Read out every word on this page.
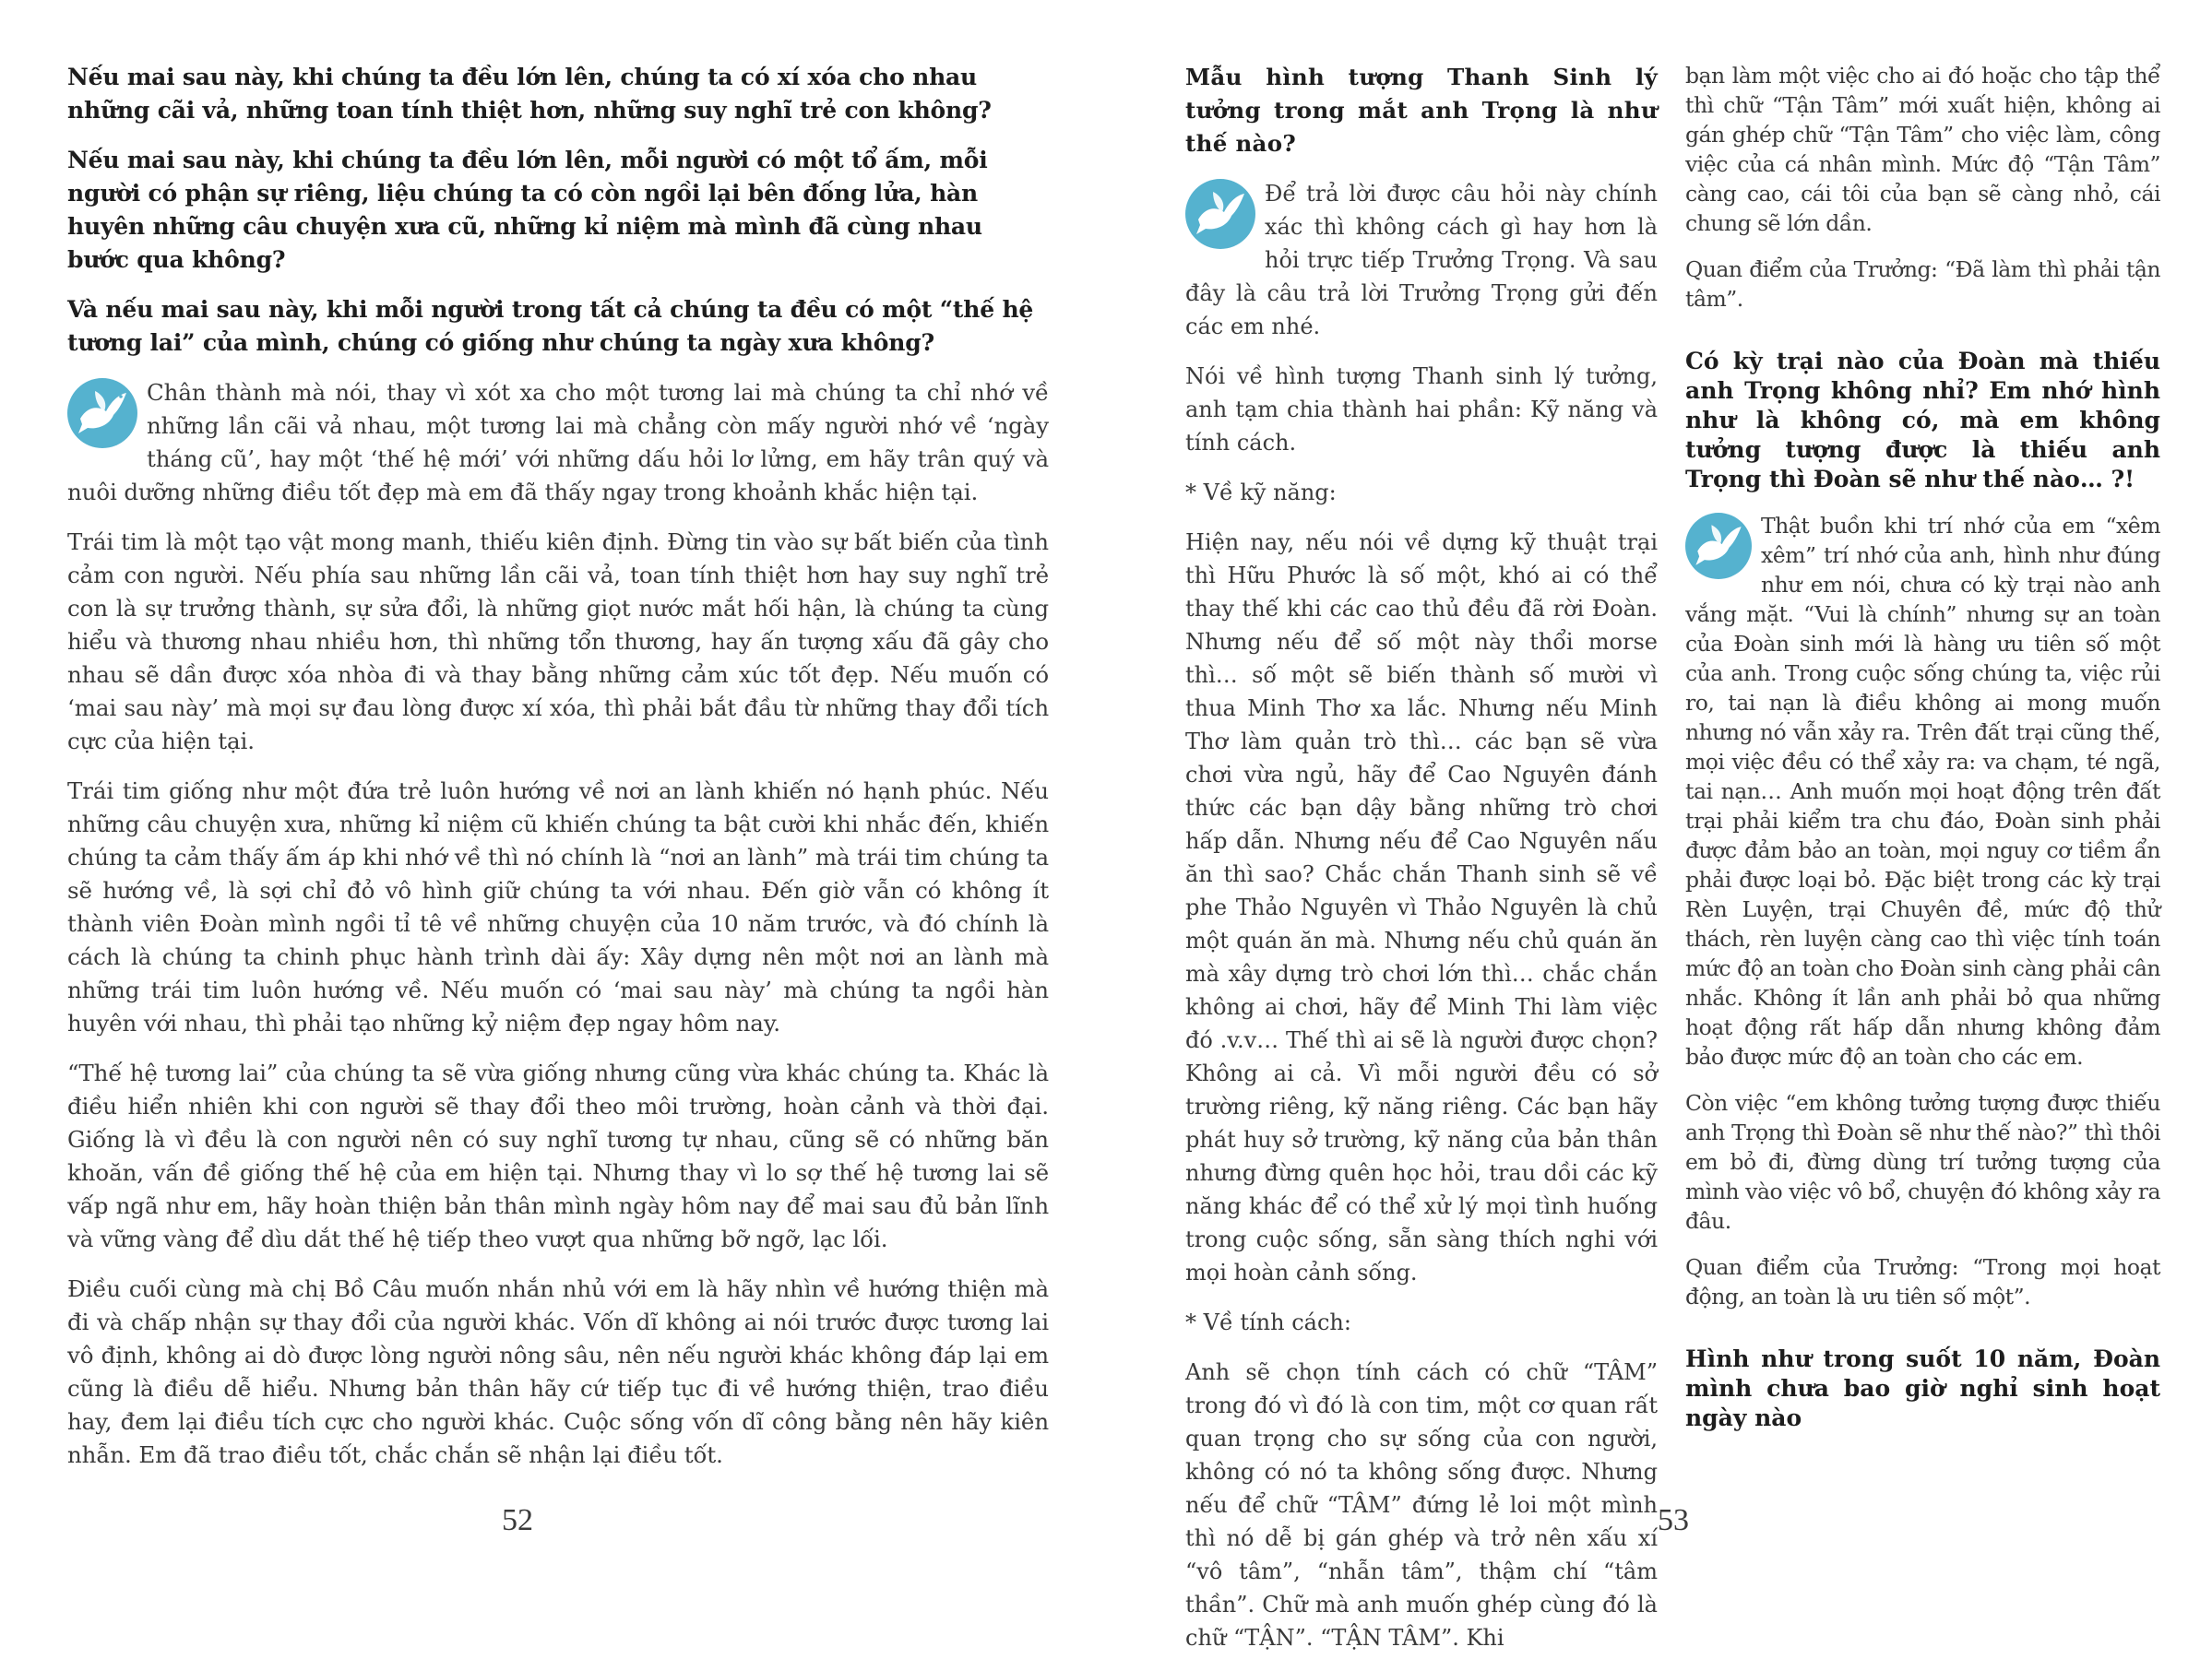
Nếu mai sau này, khi chúng ta đều lớn lên, chúng ta có xí xóa cho nhau những cãi vả, những toan tính thiệt hơn, những suy nghĩ trẻ con không?

Nếu mai sau này, khi chúng ta đều lớn lên, mỗi người có một tổ ấm, mỗi người có phận sự riêng, liệu chúng ta có còn ngồi lại bên đống lửa, hàn huyên những câu chuyện xưa cũ, những kỉ niệm mà mình đã cùng nhau bước qua không?

Và nếu mai sau này, khi mỗi người trong tất cả chúng ta đều có một “thế hệ tương lai” của mình, chúng có giống như chúng ta ngày xưa không?

Chân thành mà nói, thay vì xót xa cho một tương lai mà chúng ta chỉ nhớ về những lần cãi vả nhau, một tương lai mà chẳng còn mấy người nhớ về ‘ngày tháng cũ’, hay một ‘thế hệ mới’ với những dấu hỏi lơ lửng, em hãy trân quý và nuôi dưỡng những điều tốt đẹp mà em đã thấy ngay trong khoảnh khắc hiện tại.

Trái tim là một tạo vật mong manh, thiếu kiên định. Đừng tin vào sự bất biến của tình cảm con người. Nếu phía sau những lần cãi vả, toan tính thiệt hơn hay suy nghĩ trẻ con là sự trưởng thành, sự sửa đổi, là những giọt nước mắt hối hận, là chúng ta cùng hiểu và thương nhau nhiều hơn, thì những tổn thương, hay ấn tượng xấu đã gây cho nhau sẽ dần được xóa nhòa đi và thay bằng những cảm xúc tốt đẹp. Nếu muốn có ‘mai sau này’ mà mọi sự đau lòng được xí xóa, thì phải bắt đầu từ những thay đổi tích cực của hiện tại.

Trái tim giống như một đứa trẻ luôn hướng về nơi an lành khiến nó hạnh phúc. Nếu những câu chuyện xưa, những kỉ niệm cũ khiến chúng ta bật cười khi nhắc đến, khiến chúng ta cảm thấy ấm áp khi nhớ về thì nó chính là “nơi an lành” mà trái tim chúng ta sẽ hướng về, là sợi chỉ đỏ vô hình giữ chúng ta với nhau. Đến giờ vẫn có không ít thành viên Đoàn mình ngồi tỉ tê về những chuyện của 10 năm trước, và đó chính là cách là chúng ta chinh phục hành trình dài ấy: Xây dựng nên một nơi an lành mà những trái tim luôn hướng về. Nếu muốn có ‘mai sau này’ mà chúng ta ngồi hàn huyên với nhau, thì phải tạo những kỷ niệm đẹp ngay hôm nay.

“Thế hệ tương lai” của chúng ta sẽ vừa giống nhưng cũng vừa khác chúng ta. Khác là điều hiển nhiên khi con người sẽ thay đổi theo môi trường, hoàn cảnh và thời đại. Giống là vì đều là con người nên có suy nghĩ tương tự nhau, cũng sẽ có những băn khoăn, vấn đề giống thế hệ của em hiện tại. Nhưng thay vì lo sợ thế hệ tương lai sẽ vấp ngã như em, hãy hoàn thiện bản thân mình ngày hôm nay để mai sau đủ bản lĩnh và vững vàng để dìu dắt thế hệ tiếp theo vượt qua những bỡ ngỡ, lạc lối.

Điều cuối cùng mà chị Bồ Câu muốn nhắn nhủ với em là hãy nhìn về hướng thiện mà đi và chấp nhận sự thay đổi của người khác. Vốn dĩ không ai nói trước được tương lai vô định, không ai dò được lòng người nông sâu, nên nếu người khác không đáp lại em cũng là điều dễ hiểu. Nhưng bản thân hãy cứ tiếp tục đi về hướng thiện, trao điều hay, đem lại điều tích cực cho người khác. Cuộc sống vốn dĩ công bằng nên hãy kiên nhẫn. Em đã trao điều tốt, chắc chắn sẽ nhận lại điều tốt.

52

Mẫu hình tượng Thanh Sinh lý tưởng trong mắt anh Trọng là như thế nào?

Để trả lời được câu hỏi này chính xác thì không cách gì hay hơn là hỏi trực tiếp Trưởng Trọng. Và sau đây là câu trả lời Trưởng Trọng gửi đến các em nhé.

Nói về hình tượng Thanh sinh lý tưởng, anh tạm chia thành hai phần: Kỹ năng và tính cách.

* Về kỹ năng:

Hiện nay, nếu nói về dựng kỹ thuật trại thì Hữu Phước là số một, khó ai có thể thay thế khi các cao thủ đều đã rời Đoàn. Nhưng nếu để số một này thổi morse thì… số một sẽ biến thành số mười vì thua Minh Thơ xa lắc. Nhưng nếu Minh Thơ làm quản trò thì… các bạn sẽ vừa chơi vừa ngủ, hãy để Cao Nguyên đánh thức các bạn dậy bằng những trò chơi hấp dẫn. Nhưng nếu để Cao Nguyên nấu ăn thì sao? Chắc chắn Thanh sinh sẽ về phe Thảo Nguyên vì Thảo Nguyên là chủ một quán ăn mà. Nhưng nếu chủ quán ăn mà xây dựng trò chơi lớn thì… chắc chắn không ai chơi, hãy để Minh Thi làm việc đó .v.v… Thế thì ai sẽ là người được chọn? Không ai cả. Vì mỗi người đều có sở trường riêng, kỹ năng riêng. Các bạn hãy phát huy sở trường, kỹ năng của bản thân nhưng đừng quên học hỏi, trau dồi các kỹ năng khác để có thể xử lý mọi tình huống trong cuộc sống, sẵn sàng thích nghi với mọi hoàn cảnh sống.

* Về tính cách:

Anh sẽ chọn tính cách có chữ “TÂM” trong đó vì đó là con tim, một cơ quan rất quan trọng cho sự sống của con người, không có nó ta không sống được. Nhưng nếu để chữ “TÂM” đứng lẻ loi một mình thì nó dễ bị gán ghép và trở nên xấu xí “vô tâm”, “nhẫn tâm”, thậm chí “tâm thần”. Chữ mà anh muốn ghép cùng đó là chữ “TẬN”. “TẬN TÂM”. Khi

bạn làm một việc cho ai đó hoặc cho tập thể thì chữ “Tận Tâm” mới xuất hiện, không ai gán ghép chữ “Tận Tâm” cho việc làm, công việc của cá nhân mình. Mức độ “Tận Tâm” càng cao, cái tôi của bạn sẽ càng nhỏ, cái chung sẽ lớn dần.

Quan điểm của Trưởng: “Đã làm thì phải tận tâm”.

Có kỳ trại nào của Đoàn mà thiếu anh Trọng không nhỉ? Em nhớ hình như là không có, mà em không tưởng tượng được là thiếu anh Trọng thì Đoàn sẽ như thế nào… ?!

Thật buồn khi trí nhớ của em “xêm xêm” trí nhớ của anh, hình như đúng như em nói, chưa có kỳ trại nào anh vắng mặt. “Vui là chính” nhưng sự an toàn của Đoàn sinh mới là hàng ưu tiên số một của anh. Trong cuộc sống chúng ta, việc rủi ro, tai nạn là điều không ai mong muốn nhưng nó vẫn xảy ra. Trên đất trại cũng thế, mọi việc đều có thể xảy ra: va chạm, té ngã, tai nạn… Anh muốn mọi hoạt động trên đất trại phải kiểm tra chu đáo, Đoàn sinh phải được đảm bảo an toàn, mọi nguy cơ tiềm ẩn phải được loại bỏ. Đặc biệt trong các kỳ trại Rèn Luyện, trại Chuyên đề, mức độ thử thách, rèn luyện càng cao thì việc tính toán mức độ an toàn cho Đoàn sinh càng phải cân nhắc. Không ít lần anh phải bỏ qua những hoạt động rất hấp dẫn nhưng không đảm bảo được mức độ an toàn cho các em.

Còn việc “em không tưởng tượng được thiếu anh Trọng thì Đoàn sẽ như thế nào?” thì thôi em bỏ đi, đừng dùng trí tưởng tượng của mình vào việc vô bổ, chuyện đó không xảy ra đâu.

Quan điểm của Trưởng: “Trong mọi hoạt động, an toàn là ưu tiên số một”.

Hình như trong suốt 10 năm, Đoàn mình chưa bao giờ nghỉ sinh hoạt ngày nào

53
